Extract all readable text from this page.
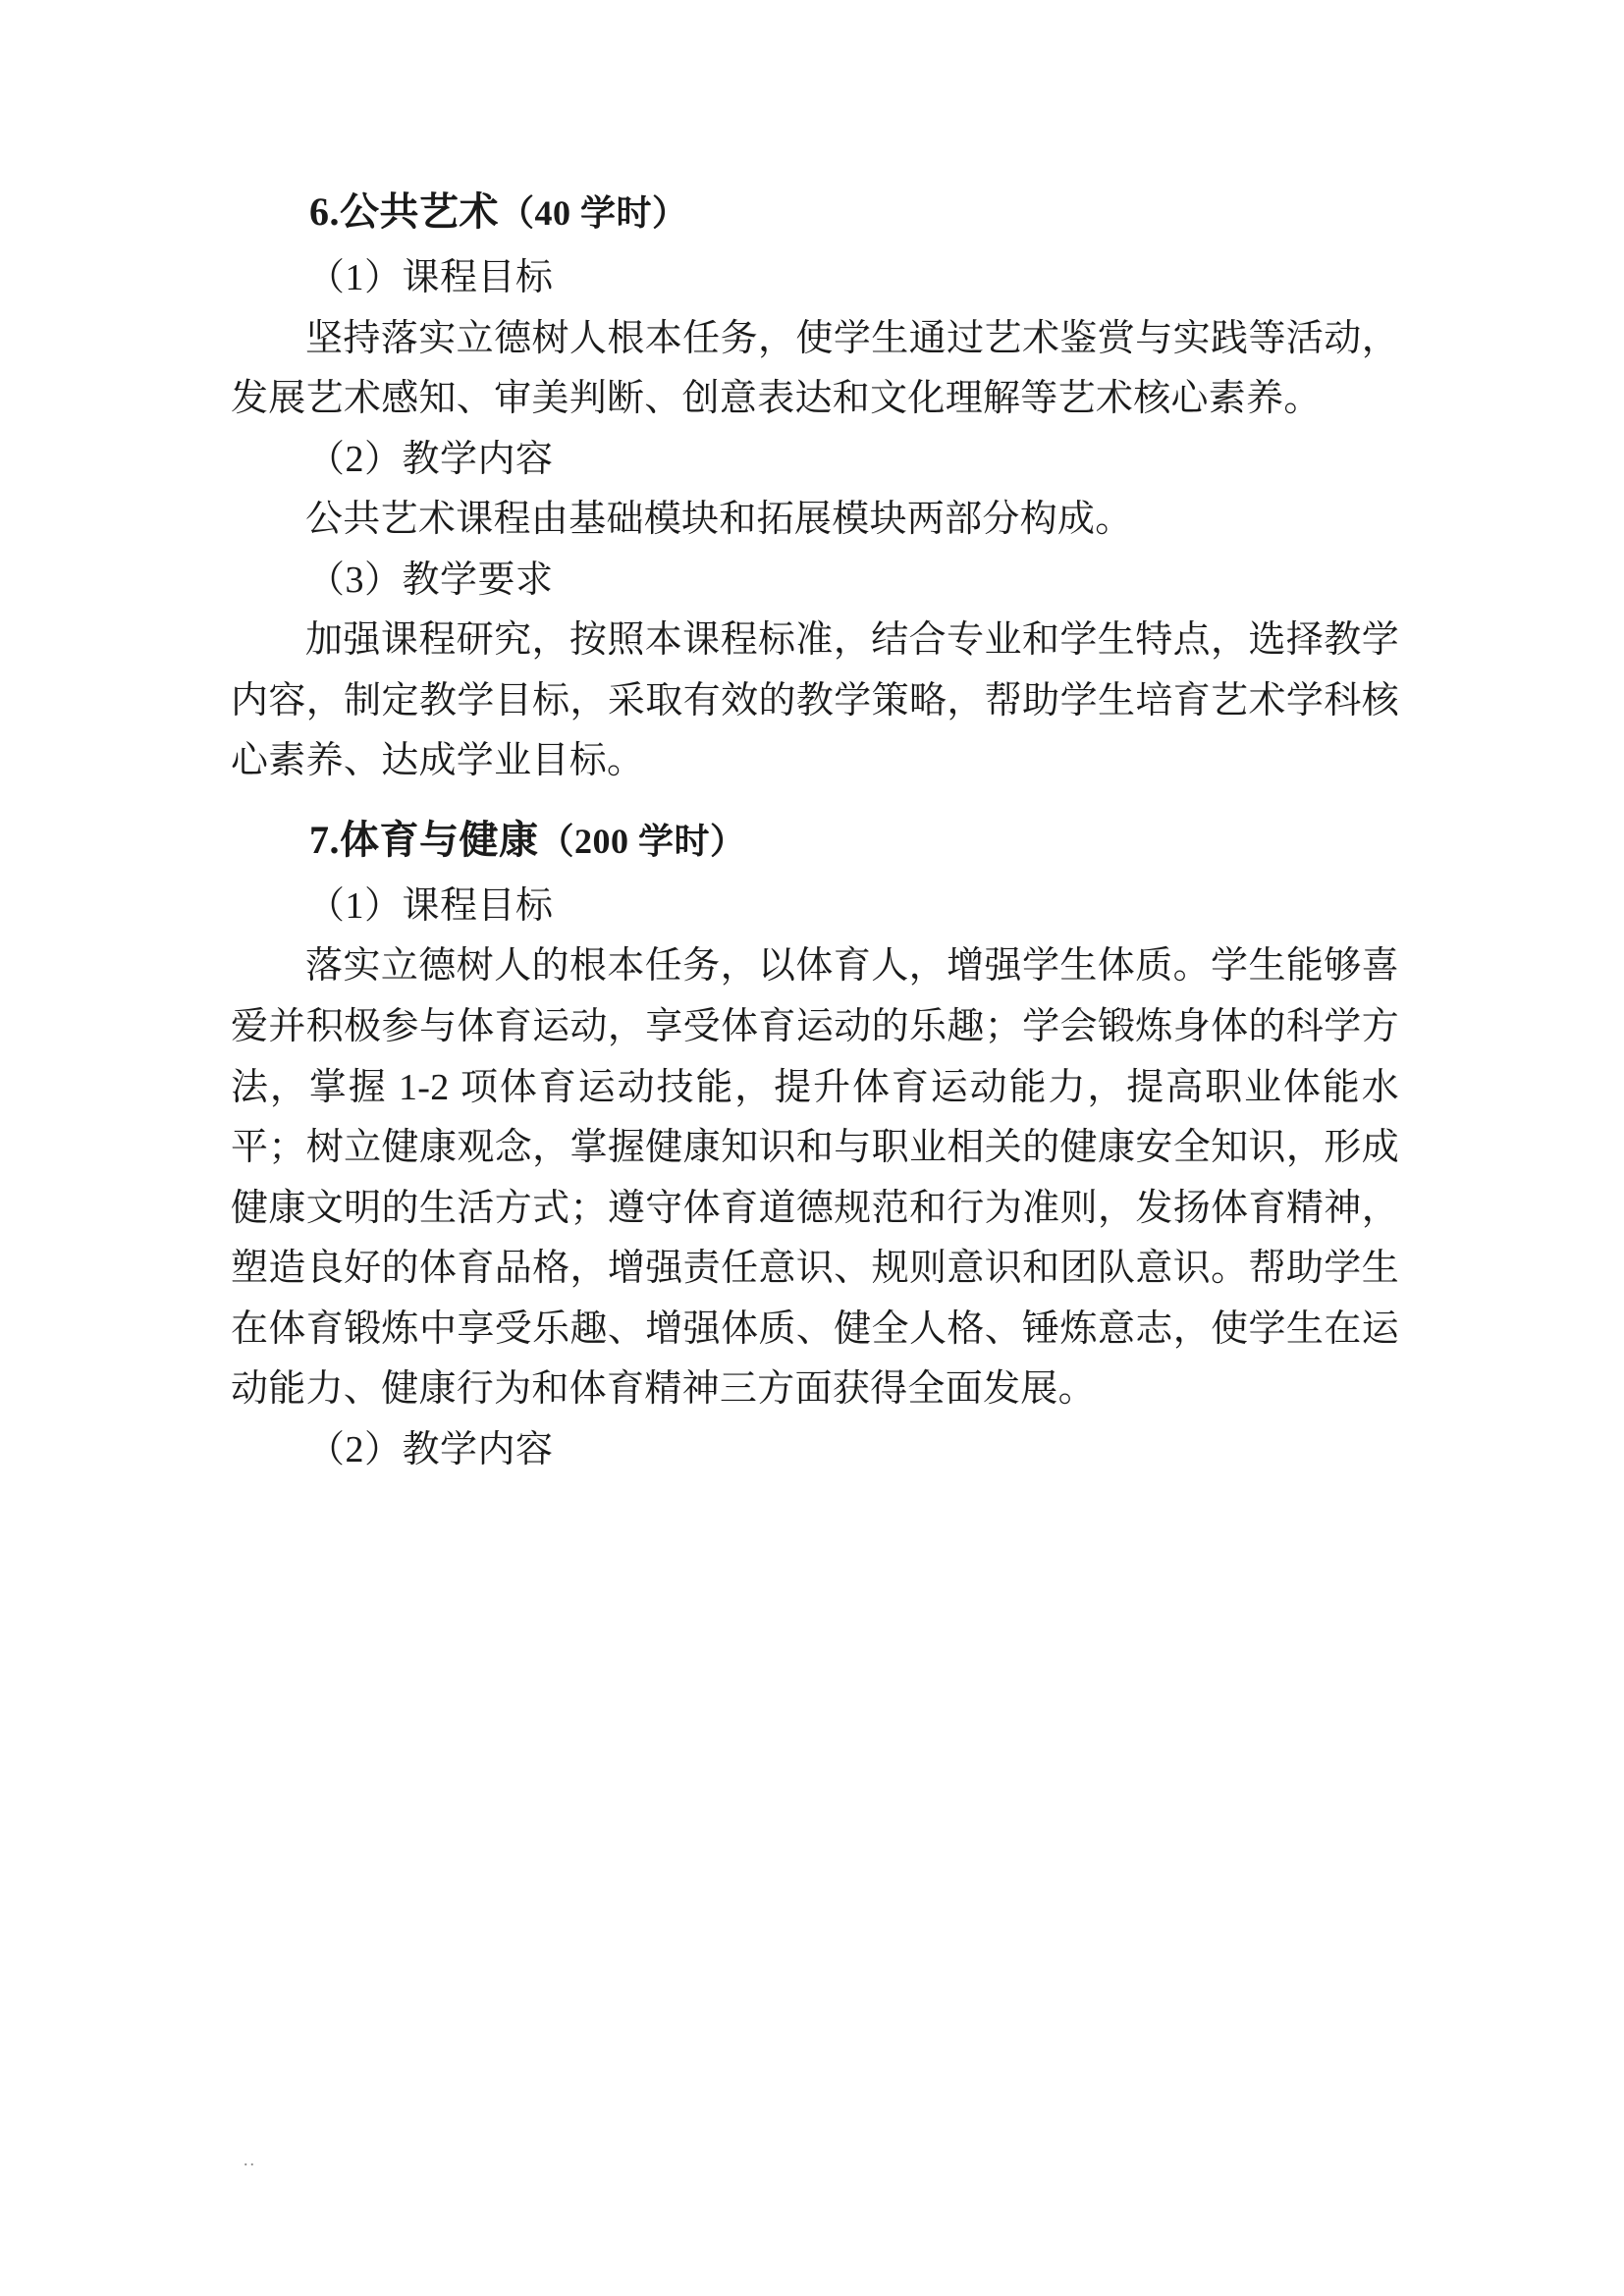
6.公共艺术（40 学时）

（1）课程目标

坚持落实立德树人根本任务，使学生通过艺术鉴赏与实践等活动，发展艺术感知、审美判断、创意表达和文化理解等艺术核心素养。

（2）教学内容

公共艺术课程由基础模块和拓展模块两部分构成。

（3）教学要求

加强课程研究，按照本课程标准，结合专业和学生特点，选择教学内容，制定教学目标，采取有效的教学策略，帮助学生培育艺术学科核心素养、达成学业目标。

7.体育与健康（200 学时）

（1）课程目标

落实立德树人的根本任务，以体育人，增强学生体质。学生能够喜爱并积极参与体育运动，享受体育运动的乐趣；学会锻炼身体的科学方法，掌握 1-2 项体育运动技能，提升体育运动能力，提高职业体能水平；树立健康观念，掌握健康知识和与职业相关的健康安全知识，形成健康文明的生活方式；遵守体育道德规范和行为准则，发扬体育精神，塑造良好的体育品格，增强责任意识、规则意识和团队意识。帮助学生在体育锻炼中享受乐趣、增强体质、健全人格、锤炼意志，使学生在运动能力、健康行为和体育精神三方面获得全面发展。

（2）教学内容

..
